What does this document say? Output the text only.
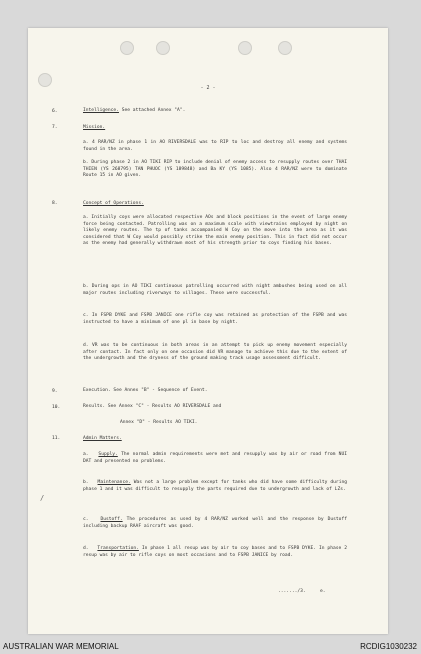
- 2 -
6.	Intelligence. See attached Annex "A".
7.	Mission.

a. 4 RAR/NZ in phase 1 in AO RIVERSDALE was to RIP to loc and destroy all enemy and systems found in the area.

b. During phase 2 in AO TIKI RIP to include denial of enemy access to resupply routes over THAI THIEN (YS 268795) TAN PHUOC (YS 189848) and Ba KY (YS 1085). Also 4 RAR/NZ were to dominate Route 15 in AO given.

8.	Concept of Operations.

a. Initially coys were allocated respective AOs and block positions in the event of large enemy force being contacted. Patrolling was on a maximum scale with viewtrains employed by night on likely enemy routes. The tp of tanks accompanied W Coy on the move into the area as it was considered that W Coy would possibly strike the main enemy position. This in fact did not occur as the enemy had generally withdrawn most of his strength prior to coys finding his bases.

b. During ops in AO TIKI continuous patrolling occurred with night ambushes being used on all major routes including riverways to villages. These were successful.

c. In FSPB DYKE and FSPB JANICE one rifle coy was retained as protection of the FSPB and was instructed to have a minimum of one pl in base by night.

d. VR was to be continuous in both areas in an attempt to pick up enemy movement especially after contact. In fact only on one occasion did VR manage to achieve this due to the extent of the undergrowth and the dryness of the ground making track usage assessment difficult.

9.	Execution. See Annex "B" - Sequence of Event.
10.	Results. See Annex "C" - Results AO RIVERSDALE and
Annex "D" - Results AO TIKI.
11.	Admin Matters.

a.   Supply. The normal admin requirements were met and resupply was by air or road from NUI DAT and presented no problems.

b.   Maintenance. Was not a large problem except for tanks who did have some difficulty during phase 1 and it was difficult to resupply the parts required due to undergrowth and lack of LZs.

c.   Dustoff. The procedures as used by 4 RAR/NZ worked well and the response by Dustoff including backup RAAF aircraft was good.

d.   Transportation. In phase 1 all resup was by air to coy bases and to FSPB DYKE. In phase 2 resup was by air to rifle coys on most occasions and to FSPB JANICE by road.

/
......./3.	e.
AUSTRALIAN WAR MEMORIAL	RCDIG1030232
